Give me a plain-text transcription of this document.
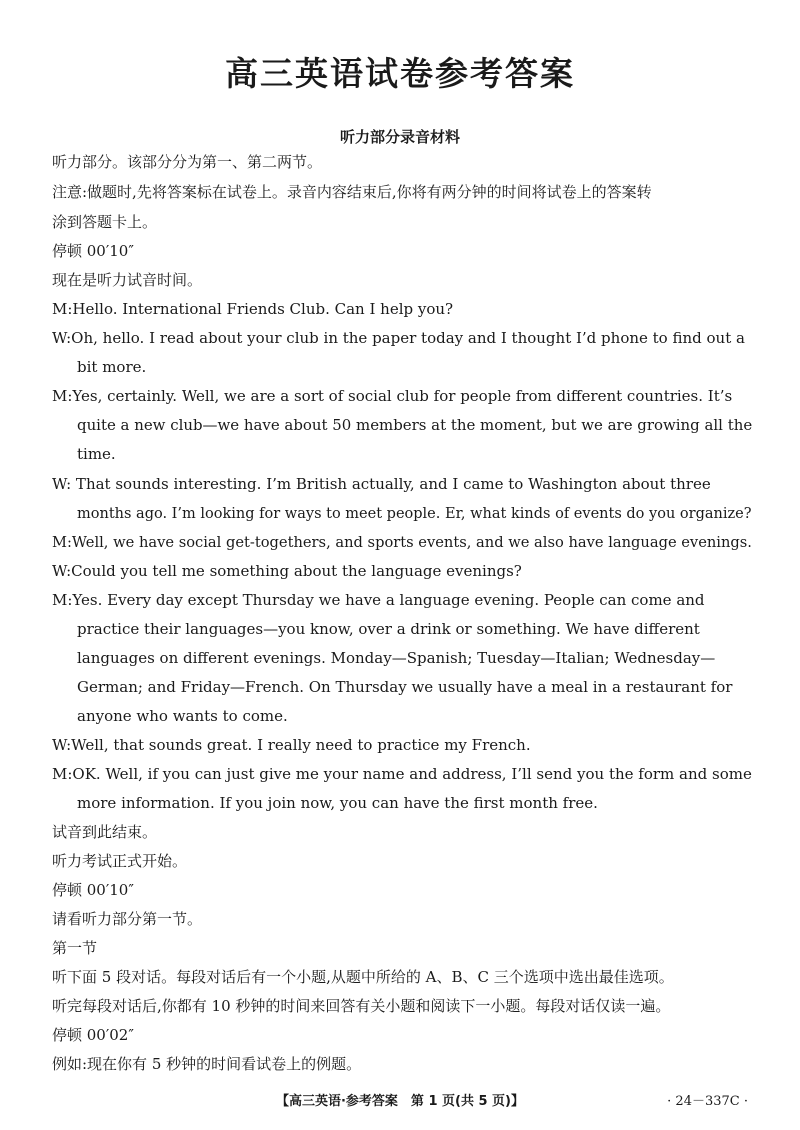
高三英语试卷参考答案
听力部分录音材料
听力部分。该部分分为第一、第二两节。
注意:做题时,先将答案标在试卷上。录音内容结束后,你将有两分钟的时间将试卷上的答案转
涂到答题卡上。
停顿 00′10″
现在是听力试音时间。
M:Hello. International Friends Club. Can I help you?
W:Oh, hello. I read about your club in the paper today and I thought I’d phone to find out a
bit more.
M:Yes, certainly. Well, we are a sort of social club for people from different countries. It’s
quite a new club—we have about 50 members at the moment, but we are growing all the
time.
W: That sounds interesting. I’m British actually, and I came to Washington about three
months ago. I’m looking for ways to meet people. Er, what kinds of events do you organize?
M:Well, we have social get-togethers, and sports events, and we also have language evenings.
W:Could you tell me something about the language evenings?
M:Yes. Every day except Thursday we have a language evening. People can come and
practice their languages—you know, over a drink or something. We have different
languages on different evenings. Monday—Spanish; Tuesday—Italian; Wednesday—
German; and Friday—French. On Thursday we usually have a meal in a restaurant for
anyone who wants to come.
W:Well, that sounds great. I really need to practice my French.
M:OK. Well, if you can just give me your name and address, I’ll send you the form and some
more information. If you join now, you can have the first month free.
试音到此结束。
听力考试正式开始。
停顿 00′10″
请看听力部分第一节。
第一节
听下面 5 段对话。每段对话后有一个小题,从题中所给的 A、B、C 三个选项中选出最佳选项。
听完每段对话后,你都有 10 秒钟的时间来回答有关小题和阅读下一小题。每段对话仅读一遍。
停顿 00′02″
例如:现在你有 5 秒钟的时间看试卷上的例题。
【高三英语·参考答案　第 1 页(共 5 页)】	· 24－337C ·
